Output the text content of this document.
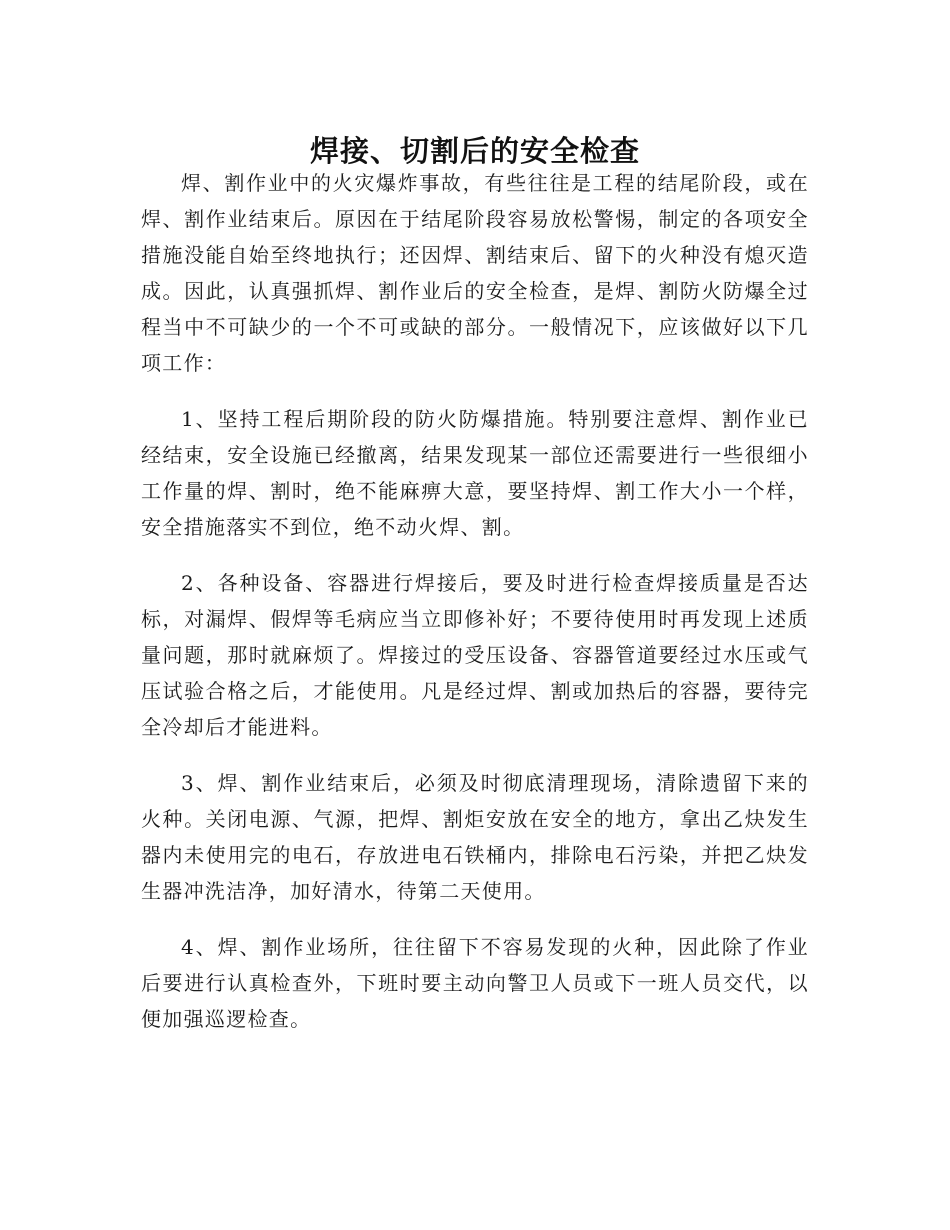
焊接、切割后的安全检查

焊、割作业中的火灾爆炸事故，有些往往是工程的结尾阶段，或在焊、割作业结束后。原因在于结尾阶段容易放松警惕，制定的各项安全措施没能自始至终地执行；还因焊、割结束后、留下的火种没有熄灭造成。因此，认真强抓焊、割作业后的安全检查，是焊、割防火防爆全过程当中不可缺少的一个不可或缺的部分。一般情况下，应该做好以下几项工作：

1、坚持工程后期阶段的防火防爆措施。特别要注意焊、割作业已经结束，安全设施已经撤离，结果发现某一部位还需要进行一些很细小工作量的焊、割时，绝不能麻痹大意，要坚持焊、割工作大小一个样，安全措施落实不到位，绝不动火焊、割。

2、各种设备、容器进行焊接后，要及时进行检查焊接质量是否达标，对漏焊、假焊等毛病应当立即修补好；不要待使用时再发现上述质量问题，那时就麻烦了。焊接过的受压设备、容器管道要经过水压或气压试验合格之后，才能使用。凡是经过焊、割或加热后的容器，要待完全冷却后才能进料。

3、焊、割作业结束后，必须及时彻底清理现场，清除遗留下来的火种。关闭电源、气源，把焊、割炬安放在安全的地方，拿出乙炔发生器内未使用完的电石，存放进电石铁桶内，排除电石污染，并把乙炔发生器冲洗洁净，加好清水，待第二天使用。

4、焊、割作业场所，往往留下不容易发现的火种，因此除了作业后要进行认真检查外，下班时要主动向警卫人员或下一班人员交代，以便加强巡逻检查。
